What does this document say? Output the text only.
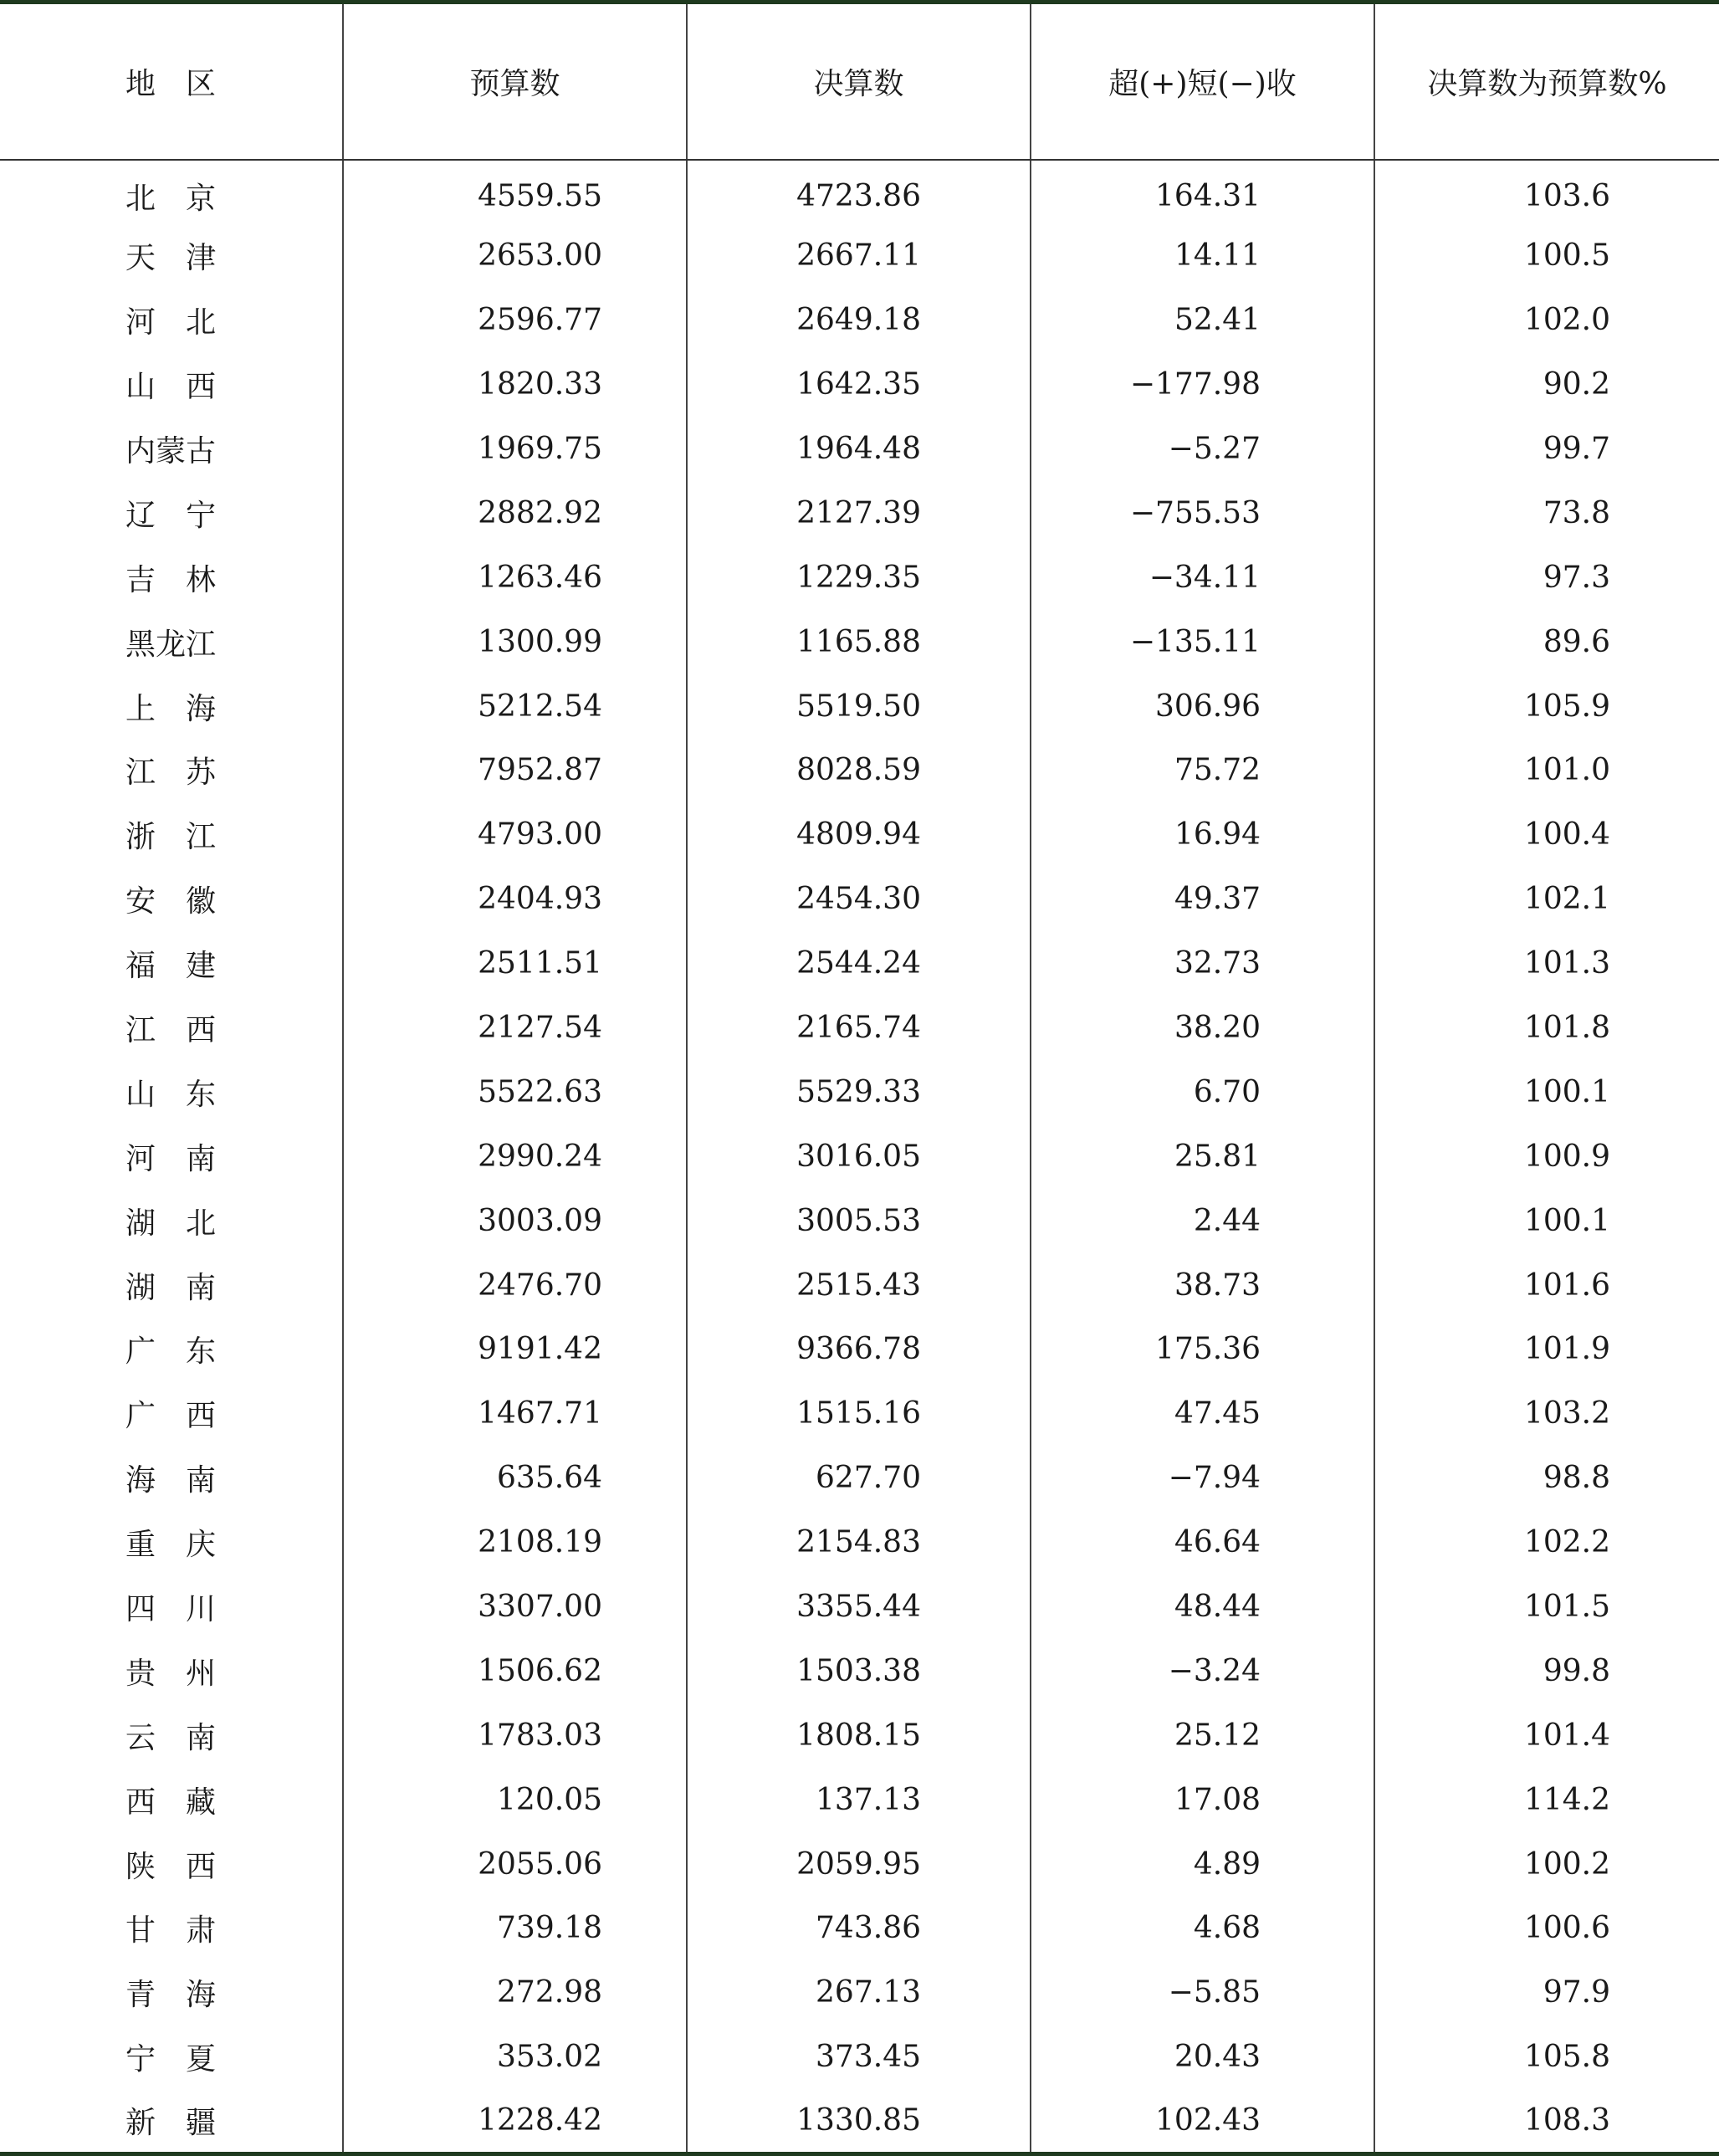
地　区	预算数	决算数	超(+)短(−)收	决算数为预算数%
北　京	4559.55	4723.86	164.31	103.6
天　津	2653.00	2667.11	14.11	100.5
河　北	2596.77	2649.18	52.41	102.0
山　西	1820.33	1642.35	−177.98	90.2
内蒙古	1969.75	1964.48	−5.27	99.7
辽　宁	2882.92	2127.39	−755.53	73.8
吉　林	1263.46	1229.35	−34.11	97.3
黑龙江	1300.99	1165.88	−135.11	89.6
上　海	5212.54	5519.50	306.96	105.9
江　苏	7952.87	8028.59	75.72	101.0
浙　江	4793.00	4809.94	16.94	100.4
安　徽	2404.93	2454.30	49.37	102.1
福　建	2511.51	2544.24	32.73	101.3
江　西	2127.54	2165.74	38.20	101.8
山　东	5522.63	5529.33	6.70	100.1
河　南	2990.24	3016.05	25.81	100.9
湖　北	3003.09	3005.53	2.44	100.1
湖　南	2476.70	2515.43	38.73	101.6
广　东	9191.42	9366.78	175.36	101.9
广　西	1467.71	1515.16	47.45	103.2
海　南	635.64	627.70	−7.94	98.8
重　庆	2108.19	2154.83	46.64	102.2
四　川	3307.00	3355.44	48.44	101.5
贵　州	1506.62	1503.38	−3.24	99.8
云　南	1783.03	1808.15	25.12	101.4
西　藏	120.05	137.13	17.08	114.2
陕　西	2055.06	2059.95	4.89	100.2
甘　肃	739.18	743.86	4.68	100.6
青　海	272.98	267.13	−5.85	97.9
宁　夏	353.02	373.45	20.43	105.8
新　疆	1228.42	1330.85	102.43	108.3
